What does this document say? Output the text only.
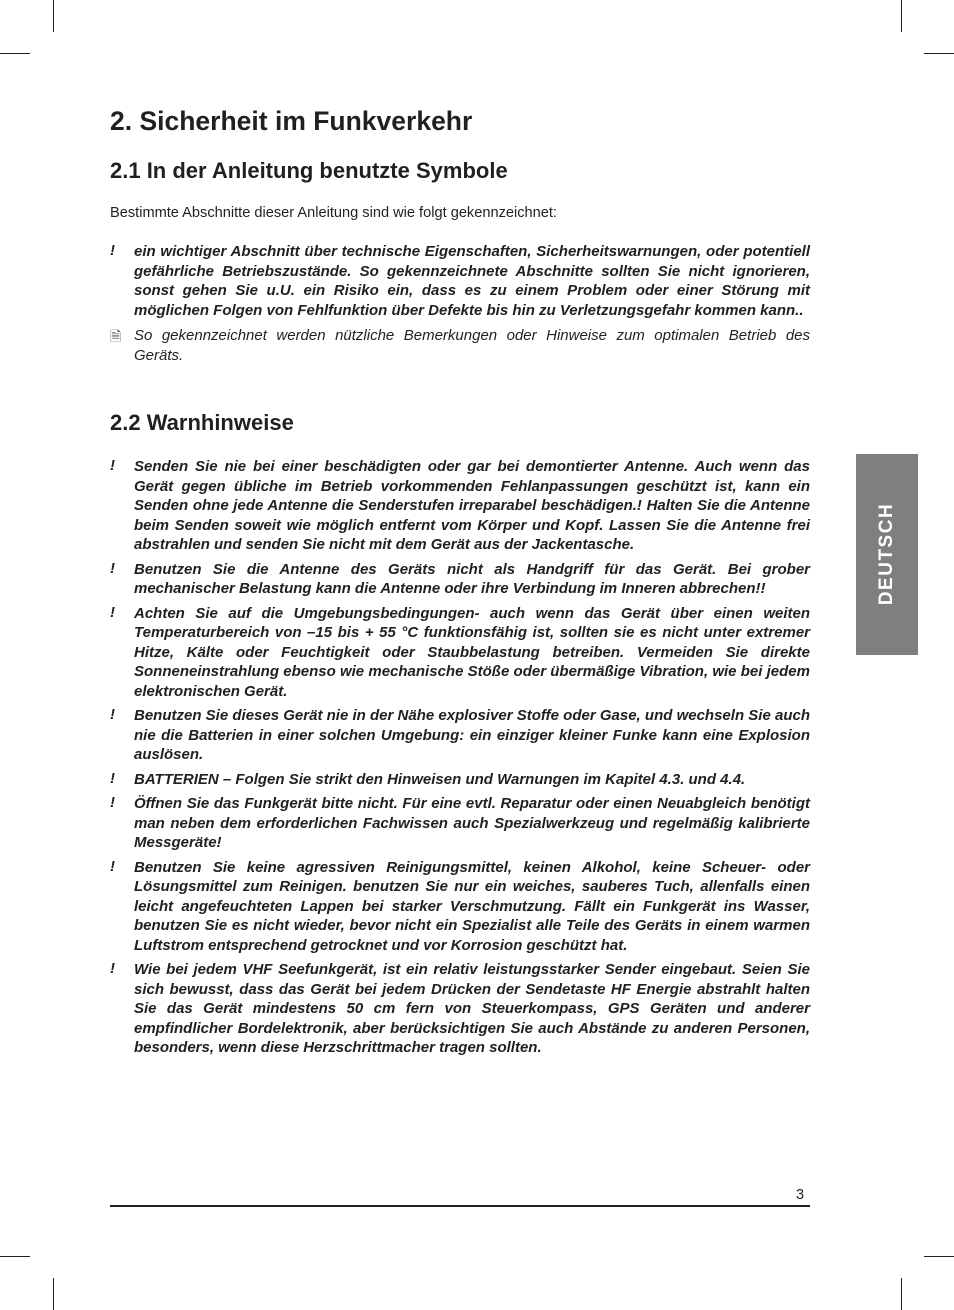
2. Sicherheit im Funkverkehr
2.1 In der Anleitung benutzte Symbole
Bestimmte Abschnitte dieser Anleitung sind wie folgt gekennzeichnet:
!	ein wichtiger Abschnitt über technische Eigenschaften, Sicherheitswarnungen, oder potentiell gefährliche Betriebszustände. So gekennzeichnete Abschnitte sollten Sie nicht ignorieren, sonst gehen Sie u.U. ein Risiko ein, dass es zu einem Problem oder einer Störung mit möglichen Folgen von Fehlfunktion über Defekte bis hin zu Verletzungsgefahr kommen kann..
🗎 So gekennzeichnet werden nützliche Bemerkungen oder Hinweise zum optimalen Betrieb des Geräts.
2.2 Warnhinweise
!	Senden Sie nie bei einer beschädigten oder gar bei demontierter Antenne. Auch wenn das Gerät gegen übliche im Betrieb vorkommenden Fehlanpassungen geschützt ist, kann ein Senden ohne jede Antenne die Senderstufen irreparabel beschädigen.! Halten Sie die Antenne beim Senden soweit wie möglich entfernt vom Körper und Kopf. Lassen Sie die Antenne frei abstrahlen und senden Sie nicht mit dem Gerät aus der Jackentasche.
!	Benutzen Sie die Antenne des Geräts nicht als Handgriff für das Gerät. Bei grober mechanischer Belastung kann die Antenne oder ihre Verbindung im Inneren abbrechen!!
!	Achten Sie auf die Umgebungsbedingungen- auch wenn das Gerät über einen weiten Temperaturbereich von –15 bis + 55 °C funktionsfähig ist, sollten sie es nicht unter extremer Hitze, Kälte oder Feuchtigkeit oder Staubbelastung betreiben. Vermeiden Sie direkte Sonneneinstrahlung ebenso wie mechanische Stöße oder übermäßige Vibration, wie bei jedem elektronischen Gerät.
!	Benutzen Sie dieses Gerät nie in der Nähe explosiver Stoffe oder Gase, und wechseln Sie auch nie die Batterien in einer solchen Umgebung: ein einziger kleiner Funke kann eine Explosion auslösen.
!	BATTERIEN – Folgen Sie strikt den Hinweisen und Warnungen im Kapitel 4.3. und 4.4.
!	Öffnen Sie das Funkgerät bitte nicht. Für eine evtl. Reparatur oder einen Neuabgleich benötigt man neben dem erforderlichen Fachwissen auch Spezialwerkzeug und regelmäßig kalibrierte Messgeräte!
!	Benutzen Sie keine agressiven Reinigungsmittel, keinen Alkohol, keine Scheuer- oder Lösungsmittel zum Reinigen. benutzen Sie nur ein weiches, sauberes Tuch, allenfalls einen leicht angefeuchteten Lappen bei starker Verschmutzung. Fällt ein Funkgerät ins Wasser, benutzen Sie es nicht wieder, bevor nicht ein Spezialist alle Teile des Geräts in einem warmen Luftstrom entsprechend getrocknet und vor Korrosion geschützt hat.
!	Wie bei jedem VHF Seefunkgerät, ist ein relativ leistungsstarker Sender eingebaut. Seien Sie sich bewusst, dass das Gerät bei jedem Drücken der Sendetaste HF Energie abstrahlt halten Sie das Gerät mindestens 50 cm fern von Steuerkompass, GPS Geräten und anderer empfindlicher Bordelektronik, aber berücksichtigen Sie auch Abstände zu anderen Personen, besonders, wenn diese Herzschrittmacher tragen sollten.
DEUTSCH
3
